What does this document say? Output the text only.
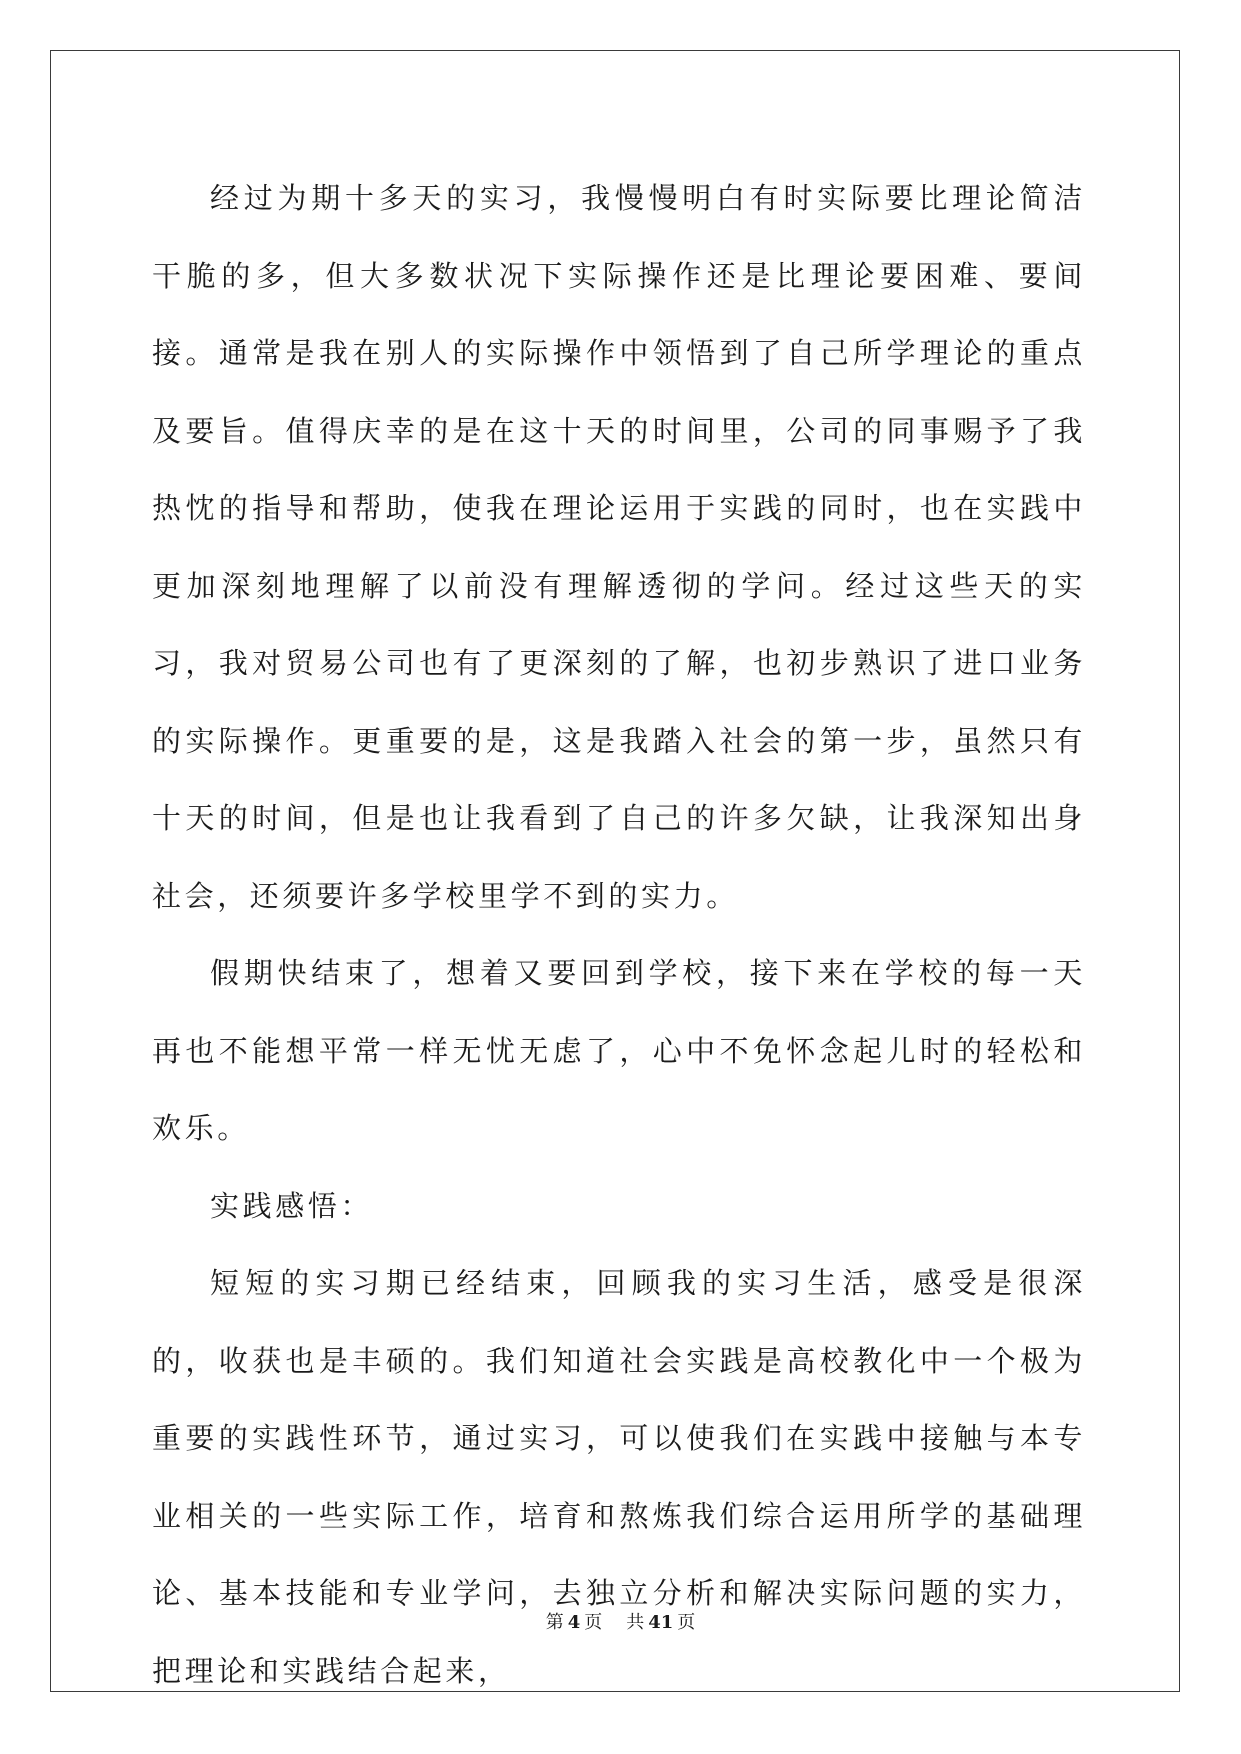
经过为期十多天的实习，我慢慢明白有时实际要比理论简洁干脆的多，但大多数状况下实际操作还是比理论要困难、要间接。通常是我在别人的实际操作中领悟到了自己所学理论的重点及要旨。值得庆幸的是在这十天的时间里，公司的同事赐予了我热忱的指导和帮助，使我在理论运用于实践的同时，也在实践中更加深刻地理解了以前没有理解透彻的学问。经过这些天的实习，我对贸易公司也有了更深刻的了解，也初步熟识了进口业务的实际操作。更重要的是，这是我踏入社会的第一步，虽然只有十天的时间，但是也让我看到了自己的许多欠缺，让我深知出身社会，还须要许多学校里学不到的实力。

假期快结束了，想着又要回到学校，接下来在学校的每一天再也不能想平常一样无忧无虑了，心中不免怀念起儿时的轻松和欢乐。

实践感悟：

短短的实习期已经结束，回顾我的实习生活，感受是很深的，收获也是丰硕的。我们知道社会实践是高校教化中一个极为重要的实践性环节，通过实习，可以使我们在实践中接触与本专业相关的一些实际工作，培育和熬炼我们综合运用所学的基础理论、基本技能和专业学问，去独立分析和解决实际问题的实力，把理论和实践结合起来，

第 4 页 共 41 页
